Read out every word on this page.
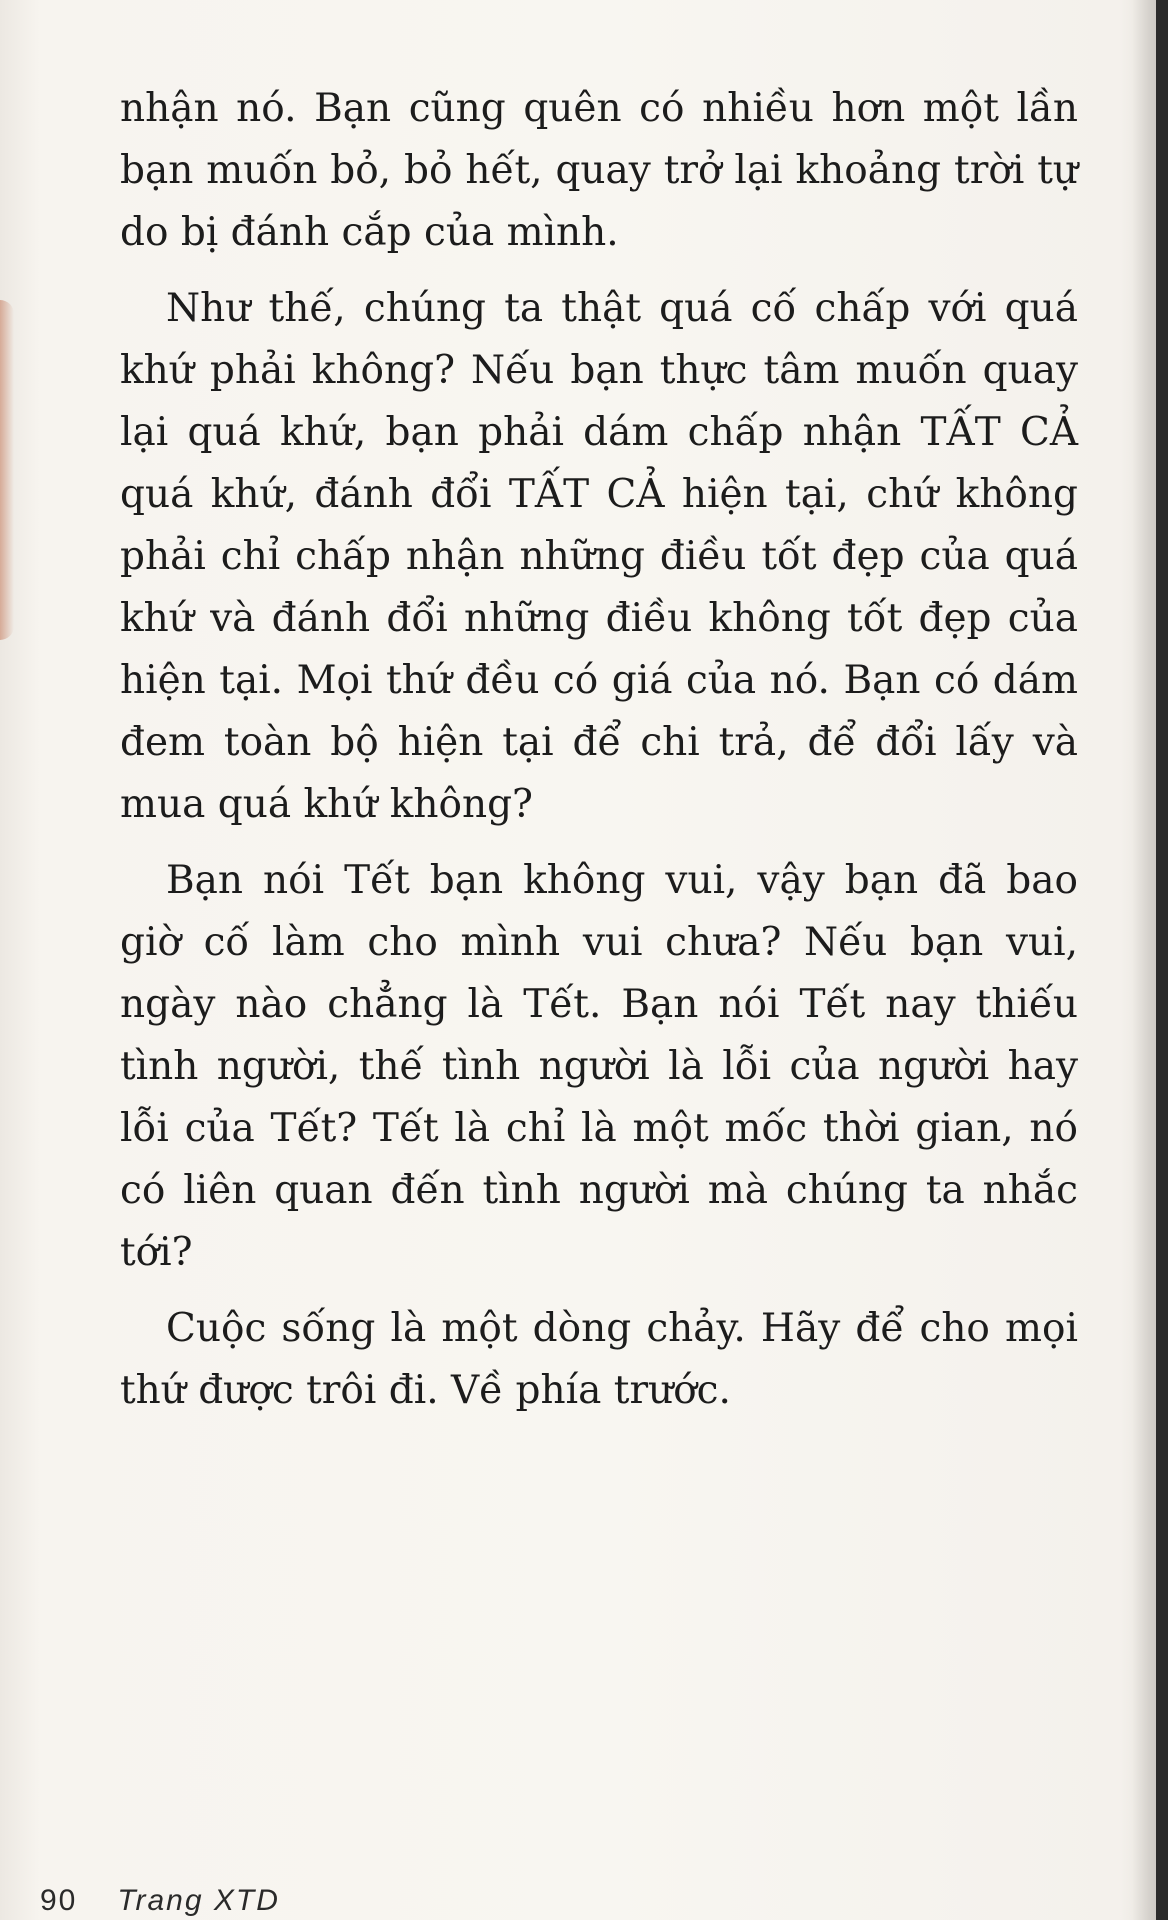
nhận nó. Bạn cũng quên có nhiều hơn một lần bạn muốn bỏ, bỏ hết, quay trở lại khoảng trời tự do bị đánh cắp của mình.

Như thế, chúng ta thật quá cố chấp với quá khứ phải không? Nếu bạn thực tâm muốn quay lại quá khứ, bạn phải dám chấp nhận TẤT CẢ quá khứ, đánh đổi TẤT CẢ hiện tại, chứ không phải chỉ chấp nhận những điều tốt đẹp của quá khứ và đánh đổi những điều không tốt đẹp của hiện tại. Mọi thứ đều có giá của nó. Bạn có dám đem toàn bộ hiện tại để chi trả, để đổi lấy và mua quá khứ không?

Bạn nói Tết bạn không vui, vậy bạn đã bao giờ cố làm cho mình vui chưa? Nếu bạn vui, ngày nào chẳng là Tết. Bạn nói Tết nay thiếu tình người, thế tình người là lỗi của người hay lỗi của Tết? Tết là chỉ là một mốc thời gian, nó có liên quan đến tình người mà chúng ta nhắc tới?

Cuộc sống là một dòng chảy. Hãy để cho mọi thứ được trôi đi. Về phía trước.

90 Trang XTD
